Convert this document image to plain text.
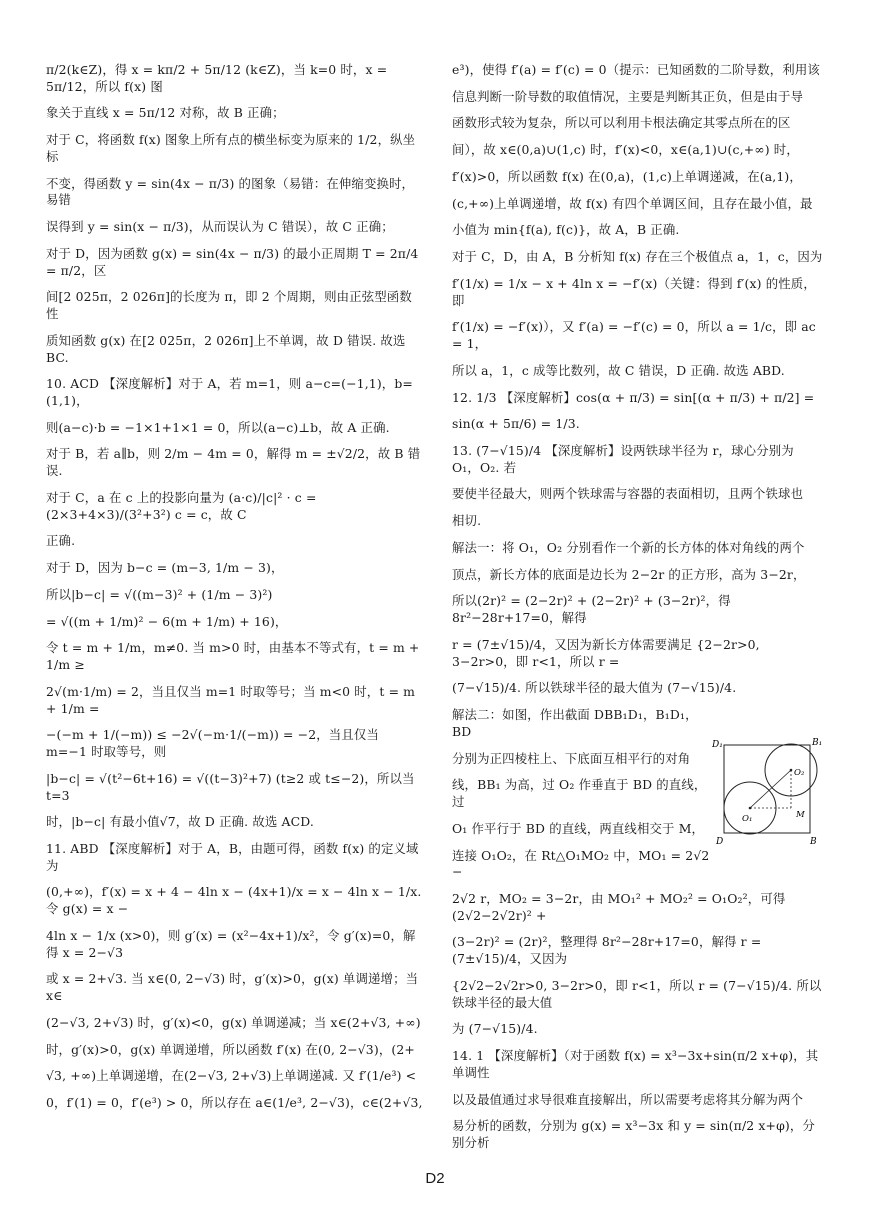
π/2(k∈Z)，得 x = kπ/2 + 5π/12 (k∈Z)，当 k=0 时，x = 5π/12，所以 f(x) 图
象关于直线 x = 5π/12 对称，故 B 正确；
对于 C，将函数 f(x) 图象上所有点的横坐标变为原来的 1/2，纵坐标
不变，得函数 y = sin(4x − π/3) 的图象（易错：在伸缩变换时，易错
误得到 y = sin(x − π/3)，从而误认为 C 错误），故 C 正确；
对于 D，因为函数 g(x) = sin(4x − π/3) 的最小正周期 T = 2π/4 = π/2，区
间[2 025π，2 026π]的长度为 π，即 2 个周期，则由正弦型函数性
质知函数 g(x) 在[2 025π，2 026π]上不单调，故 D 错误. 故选 BC.
10. ACD 【深度解析】对于 A，若 m=1，则 a−c=(−1,1)，b=(1,1)，
则(a−c)·b = −1×1+1×1 = 0，所以(a−c)⊥b，故 A 正确.
对于 B，若 a∥b，则 2/m − 4m = 0，解得 m = ±√2/2，故 B 错误.
对于 C，a 在 c 上的投影向量为 (a·c)/|c|² · c = (2×3+4×3)/(3²+3²) c = c，故 C
正确.
对于 D，因为 b−c = (m−3, 1/m − 3)，
所以|b−c| = √((m−3)² + (1/m − 3)²)
= √((m + 1/m)² − 6(m + 1/m) + 16)，
令 t = m + 1/m，m≠0. 当 m>0 时，由基本不等式有，t = m + 1/m ≥
2√(m·1/m) = 2，当且仅当 m=1 时取等号；当 m<0 时，t = m + 1/m =
−(−m + 1/(−m)) ≤ −2√(−m·1/(−m)) = −2，当且仅当 m=−1 时取等号，则
|b−c| = √(t²−6t+16) = √((t−3)²+7) (t≥2 或 t≤−2)，所以当 t=3
时，|b−c| 有最小值√7，故 D 正确. 故选 ACD.
11. ABD 【深度解析】对于 A，B，由题可得，函数 f(x) 的定义域为
(0,+∞)，f′(x) = x + 4 − 4ln x − (4x+1)/x = x − 4ln x − 1/x. 令 g(x) = x −
4ln x − 1/x (x>0)，则 g′(x) = (x²−4x+1)/x²，令 g′(x)=0，解得 x = 2−√3
或 x = 2+√3. 当 x∈(0, 2−√3) 时，g′(x)>0，g(x) 单调递增；当 x∈
(2−√3, 2+√3) 时，g′(x)<0，g(x) 单调递减；当 x∈(2+√3, +∞)
时，g′(x)>0，g(x) 单调递增，所以函数 f′(x) 在(0, 2−√3)，(2+
√3, +∞)上单调递增，在(2−√3, 2+√3)上单调递减. 又 f′(1/e³) <
0，f′(1) = 0，f′(e³) > 0，所以存在 a∈(1/e³, 2−√3)，c∈(2+√3,
e³)，使得 f′(a) = f′(c) = 0（提示：已知函数的二阶导数，利用该
信息判断一阶导数的取值情况，主要是判断其正负，但是由于导
函数形式较为复杂，所以可以利用卡根法确定其零点所在的区
间），故 x∈(0,a)∪(1,c) 时，f′(x)<0，x∈(a,1)∪(c,+∞) 时，
f′(x)>0，所以函数 f(x) 在(0,a)，(1,c)上单调递减，在(a,1)，
(c,+∞)上单调递增，故 f(x) 有四个单调区间，且存在最小值，最
小值为 min{f(a), f(c)}，故 A，B 正确.
对于 C，D，由 A，B 分析知 f(x) 存在三个极值点 a，1，c，因为
f′(1/x) = 1/x − x + 4ln x = −f′(x)（关键：得到 f′(x) 的性质，即
f′(1/x) = −f′(x)），又 f′(a) = −f′(c) = 0，所以 a = 1/c，即 ac = 1，
所以 a，1，c 成等比数列，故 C 错误，D 正确. 故选 ABD.
12. 1/3 【深度解析】cos(α + π/3) = sin[(α + π/3) + π/2] =
sin(α + 5π/6) = 1/3.
13. (7−√15)/4 【深度解析】设两铁球半径为 r，球心分别为 O₁，O₂. 若
要使半径最大，则两个铁球需与容器的表面相切，且两个铁球也
相切.
解法一：将 O₁，O₂ 分别看作一个新的长方体的体对角线的两个
顶点，新长方体的底面是边长为 2−2r 的正方形，高为 3−2r，
所以(2r)² = (2−2r)² + (2−2r)² + (3−2r)²，得 8r²−28r+17=0，解得
r = (7±√15)/4，又因为新长方体需要满足 {2−2r>0, 3−2r>0，即 r<1，所以 r =
(7−√15)/4. 所以铁球半径的最大值为 (7−√15)/4.
解法二：如图，作出截面 DBB₁D₁，B₁D₁，BD
分别为正四棱柱上、下底面互相平行的对角
线，BB₁ 为高，过 O₂ 作垂直于 BD 的直线，过
O₁ 作平行于 BD 的直线，两直线相交于 M，
连接 O₁O₂，在 Rt△O₁MO₂ 中，MO₁ = 2√2 −
2√2 r，MO₂ = 3−2r，由 MO₁² + MO₂² = O₁O₂²，可得 (2√2−2√2r)² +
(3−2r)² = (2r)²，整理得 8r²−28r+17=0，解得 r = (7±√15)/4，又因为
{2√2−2√2r>0, 3−2r>0，即 r<1，所以 r = (7−√15)/4. 所以铁球半径的最大值
为 (7−√15)/4.
14. 1 【深度解析】（对于函数 f(x) = x³−3x+sin(π/2 x+φ)，其单调性
以及最值通过求导很难直接解出，所以需要考虑将其分解为两个
易分析的函数，分别为 g(x) = x³−3x 和 y = sin(π/2 x+φ)，分别分析
D₁	B₁
O₂
O₁	M
D	B
D2
